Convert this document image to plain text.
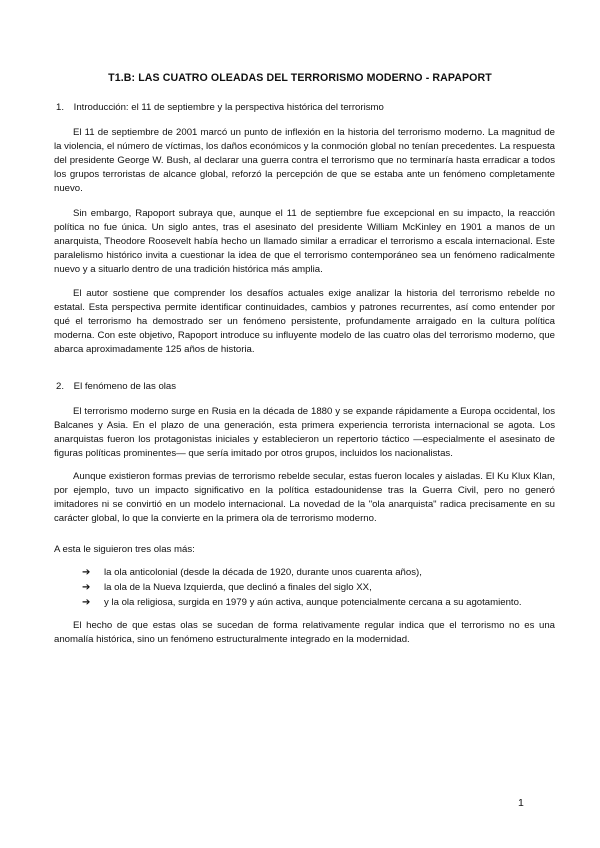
T1.B: LAS CUATRO OLEADAS DEL TERRORISMO MODERNO - RAPAPORT
1. Introducción: el 11 de septiembre y la perspectiva histórica del terrorismo

El 11 de septiembre de 2001 marcó un punto de inflexión en la historia del terrorismo moderno. La magnitud de la violencia, el número de víctimas, los daños económicos y la conmoción global no tenían precedentes. La respuesta del presidente George W. Bush, al declarar una guerra contra el terrorismo que no terminaría hasta erradicar a todos los grupos terroristas de alcance global, reforzó la percepción de que se estaba ante un fenómeno completamente nuevo.

Sin embargo, Rapoport subraya que, aunque el 11 de septiembre fue excepcional en su impacto, la reacción política no fue única. Un siglo antes, tras el asesinato del presidente William McKinley en 1901 a manos de un anarquista, Theodore Roosevelt había hecho un llamado similar a erradicar el terrorismo a escala internacional. Este paralelismo histórico invita a cuestionar la idea de que el terrorismo contemporáneo sea un fenómeno radicalmente nuevo y a situarlo dentro de una tradición histórica más amplia.

El autor sostiene que comprender los desafíos actuales exige analizar la historia del terrorismo rebelde no estatal. Esta perspectiva permite identificar continuidades, cambios y patrones recurrentes, así como entender por qué el terrorismo ha demostrado ser un fenómeno persistente, profundamente arraigado en la cultura política moderna. Con este objetivo, Rapoport introduce su influyente modelo de las cuatro olas del terrorismo moderno, que abarca aproximadamente 125 años de historia.

2. El fenómeno de las olas

El terrorismo moderno surge en Rusia en la década de 1880 y se expande rápidamente a Europa occidental, los Balcanes y Asia. En el plazo de una generación, esta primera experiencia terrorista internacional se agota. Los anarquistas fueron los protagonistas iniciales y establecieron un repertorio táctico —especialmente el asesinato de figuras políticas prominentes— que sería imitado por otros grupos, incluidos los nacionalistas.

Aunque existieron formas previas de terrorismo rebelde secular, estas fueron locales y aisladas. El Ku Klux Klan, por ejemplo, tuvo un impacto significativo en la política estadounidense tras la Guerra Civil, pero no generó imitadores ni se convirtió en un modelo internacional. La novedad de la "ola anarquista" radica precisamente en su carácter global, lo que la convierte en la primera ola de terrorismo moderno.

A esta le siguieron tres olas más:

➔ la ola anticolonial (desde la década de 1920, durante unos cuarenta años),
➔ la ola de la Nueva Izquierda, que declinó a finales del siglo XX,
➔ y la ola religiosa, surgida en 1979 y aún activa, aunque potencialmente cercana a su agotamiento.

El hecho de que estas olas se sucedan de forma relativamente regular indica que el terrorismo no es una anomalía histórica, sino un fenómeno estructuralmente integrado en la modernidad.

1
